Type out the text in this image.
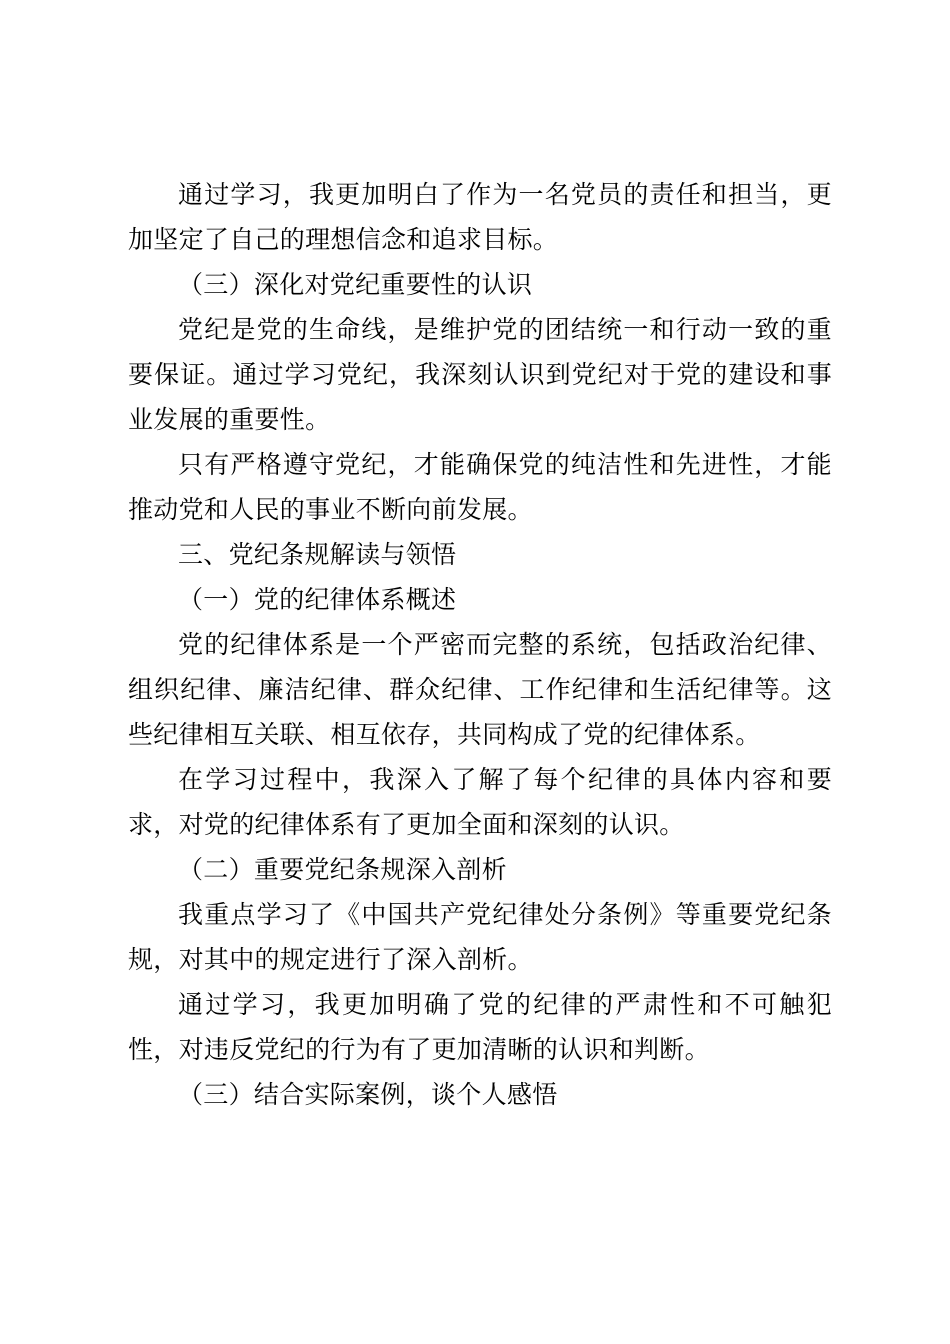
通过学习，我更加明白了作为一名党员的责任和担当，更加坚定了自己的理想信念和追求目标。

（三）深化对党纪重要性的认识

党纪是党的生命线，是维护党的团结统一和行动一致的重要保证。通过学习党纪，我深刻认识到党纪对于党的建设和事业发展的重要性。

只有严格遵守党纪，才能确保党的纯洁性和先进性，才能推动党和人民的事业不断向前发展。

三、党纪条规解读与领悟

（一）党的纪律体系概述

党的纪律体系是一个严密而完整的系统，包括政治纪律、组织纪律、廉洁纪律、群众纪律、工作纪律和生活纪律等。这些纪律相互关联、相互依存，共同构成了党的纪律体系。

在学习过程中，我深入了解了每个纪律的具体内容和要求，对党的纪律体系有了更加全面和深刻的认识。

（二）重要党纪条规深入剖析

我重点学习了《中国共产党纪律处分条例》等重要党纪条规，对其中的规定进行了深入剖析。

通过学习，我更加明确了党的纪律的严肃性和不可触犯性，对违反党纪的行为有了更加清晰的认识和判断。

（三）结合实际案例，谈个人感悟
